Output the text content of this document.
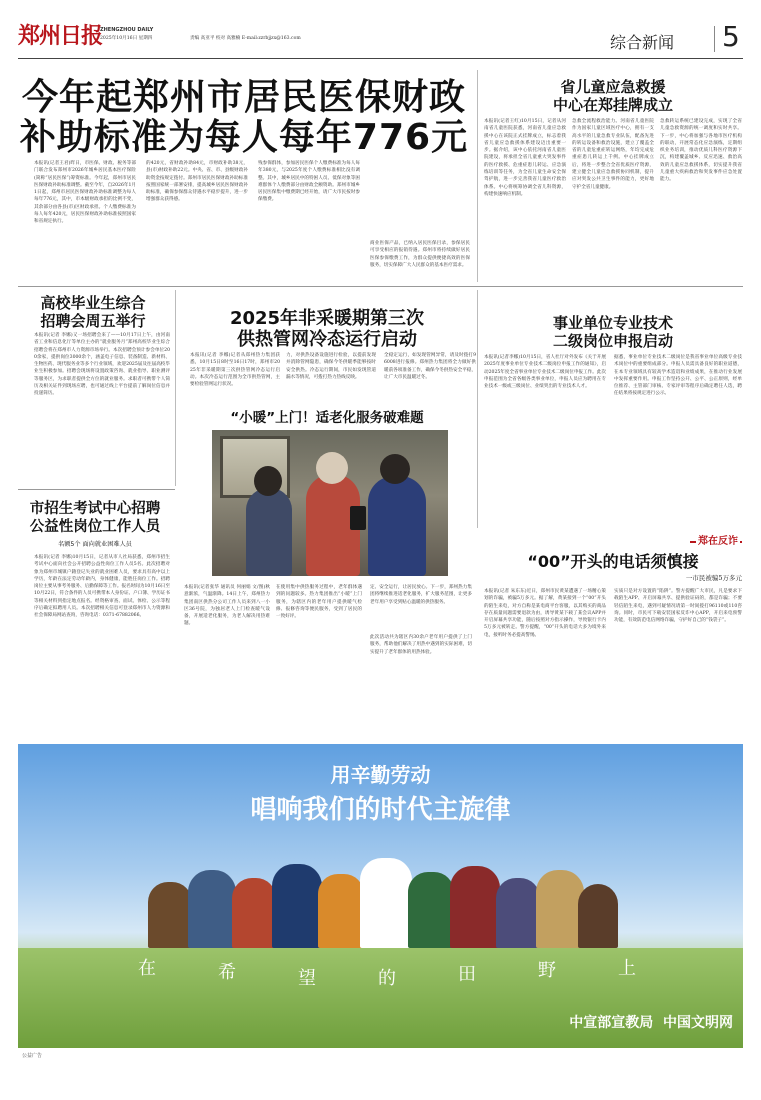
郑州日报
ZHENGZHOU DAILY
2025年10月16日 星期四	责编 高亚平 校对 高雅楠 E-mail:zzrbjjzx@163.com	综合新闻 5
今年起郑州市居民医保财政
补助标准为每人每年776元
本报讯(记者王君)昨日，市医保、财政、税务等部门联合发布郑州市2026年城乡居民基本医疗保险(简称“居民医保”)筹资标准。今年起，郑州市居民医保财政补助标准调整。截至今年，自2026年1月1日起，郑州市居民医保财政补助标准调整为每人每年776元，其中，市本级财政承担的比例不变，其余部分由各县(市)区财政承担。个人缴费标准为每人每年420元，居民医保财政补助标准按照国家和省规定执行。
的420元，省财政补助84元，市财政补助38元，县(市)财政补助22元。中央、省、市、县级财政补助资金按规定拨付。郑州市居民医保财政补助标准按照国家统一部署安排，提高城乡居民医保财政补助标准，确保参保群众待遇水平稳步提升，进一步增强群众获得感。
残参保群体，参加居民医保个人缴费标准为每人每年380元，与2025年度个人缴费标准相比没有调整。其中，城乡居民中的特困人员、低保对象等困难群体个人缴费部分由财政全额资助。郑州市城乡居民医保集中缴费期已经开始，请广大市民按时参保缴费。
商业医保产品，已纳入居民医保目录，参保居民可享受相应的报销待遇。郑州市将持续做好居民医保参保缴费工作，为群众提供便捷高效的医保服务，切实保障广大人民群众的基本医疗需求。
省儿童应急救援
中心在郑挂牌成立
本报讯(记者王红)10月15日，记者从河南省儿童医院获悉，河南省儿童应急救援中心在该院正式挂牌成立，标志着我省儿童应急救援体系建设迈出重要一步。据介绍，该中心依托河南省儿童医院建设，将承担全省儿童重大突发事件的医疗救援、危重症患儿转运、应急演练培训等任务，为全省儿童生命安全保驾护航，进一步完善我省儿童医疗救治体系。中心将统筹协调全省儿科资源，构建快速响应机制。
急救全流程救治能力。河南省儿童医院作为国家儿童区域医疗中心，拥有一支高水平的儿童急救专业队伍，配备先进的转运设备和救治设施，建立了覆盖全省的儿童危重症转运网络，年均完成危重症患儿转运上千例。中心挂牌成立后，将进一步整合全省优质医疗资源，建立健全儿童应急救援协同机制，提升应对突发公共卫生事件的能力，更好地守护全省儿童健康。
急救转运系统已建设完成，实现了全省儿童急救资源的统一调度和实时共享。下一步，中心将加强与各地市医疗机构的联动，开展常态化应急演练，定期组织业务培训，推动优质儿科医疗资源下沉，构建覆盖城乡、反应迅速、救治高效的儿童应急救援体系，切实提升我省儿童重大疾病救治和突发事件应急处置能力。
高校毕业生综合
招聘会周五举行
本报讯(记者 李娜)又一场招聘会来了——10月17日上午，由河南省工业和信息化厅等单位主办的“就业服务月”郑州高校毕业生综合招聘会将在郑州市人力资源市场举行。本次招聘会预计参会单位200余家，提供岗位3000余个，涵盖电子信息、装备制造、新材料、生物医药、现代服务业等多个行业领域，欢迎2025届及往届高校毕业生积极参加。招聘会现场将设置政策咨询、就业指导、职业测评等服务区，为求职者提供全方位的就业服务。求职者可携带个人简历及相关证件到现场应聘，也可通过线上平台提前了解岗位信息并投递简历。
2025年非采暖期第三次
供热管网冷态运行启动
本报讯(记者 李娜)记者从郑州热力集团获悉，10月15日8时至16日17时，郑州市2025年非采暖期第三次供热管网冷态运行启动。本次冷态运行范围为全市供热管网，主要检验管网运行状况。
力，对供热设备设施进行检验，以提前发现并消除管网隐患，确保今冬供暖季能够按时安全供热。冷态运行期间，市民如发现管道漏水等情况，可拨打热力热线反映。
全稳定运行，如发现管网异常，请及时拨打96008进行报修。郑州热力集团将全力做好供暖前各项准备工作，确保今冬供热安全平稳，让广大市民温暖过冬。
“小暖”上门！适老化服务破难题
事业单位专业技术
二级岗位申报启动
本报讯(记者李娜)10月15日，省人社厅对外发布《关于开展2025年度事业单位专业技术二级岗位申报工作的通知》，启动2025年度全省事业单位专业技术二级岗位申报工作。此次申报范围为全省各级各类事业单位，申报人员应为聘用在专业技术一级或三级岗位、业绩突出的专业技术人才。
据悉，事业单位专业技术二级岗位是我省事业单位高级专业技术岗位中的重要组成部分。申报人员需具备良好的职业道德，在本专业领域具有较高学术造诣和业绩成果，在推动行业发展中发挥重要作用。申报工作坚持公开、公平、公正原则，经单位推荐、主管部门审核、专家评审等程序后确定聘任人选，聘任结果将按规定进行公示。
市招生考试中心招聘
公益性岗位工作人员
名额5个 面向就业困难人员
本报讯(记者 李娜)10月15日，记者从市人社局获悉，郑州市招生考试中心面向社会公开招聘公益性岗位工作人员5名。此次招聘对象为郑州市城镇户籍登记失业的就业困难人员，要求具有高中以上学历，年龄在法定劳动年龄内，身体健康，能胜任岗位工作。招聘岗位主要从事考务服务、后勤保障等工作。报名时间为10月16日至10月22日，符合条件的人员可携带本人身份证、户口簿、学历证书等相关材料到指定地点报名。经资格审查、面试、体检、公示等程序后确定拟聘用人员。本次招聘相关信息可登录郑州市人力资源和社会保障局网站查询，咨询电话：0371-67882066。
本报讯(记者张华 通讯员 何丽娟 文/图)秋意渐浓，气温渐降。14日上午，郑州热力集团南区供热分公司工作人员来到八一小区36号院，为独居老人上门检查暖气设备，开展适老化服务，为老人解决用热难题。
在使用集中供热服务过程中，老年群体遇到的问题较多。热力集团推出“小暖”上门服务，为辖区内的老年用户提供暖气检修、报修咨询等便民服务，受到了居民的一致好评。
定、安全运行，让居民放心。下一步，郑州热力集团将继续推进适老化服务，扩大服务范围，让更多老年用户享受到贴心温暖的供热服务。
此次活动共为辖区内30余户老年用户提供了上门服务，帮助他们解决了用热中遇到的实际困难，切实提升了老年群体的用热体验。
郑在反诈
“00”开头的电话须慎接
一市民被骗5万多元
本报讯(记者 朱东东)近日，郑州市民黄某遭遇了一场精心策划的诈骗，被骗5万多元。据了解，黄某接到一个“00”开头的陌生来电，对方自称是某电商平台客服，以其购买的商品存在质量问题需要退款为由，诱导黄某下载了某会议APP并开启屏幕共享功能，随后按照对方指示操作，导致银行卡内5万多元被转走。警方提醒，“00”开头的电话大多为境外来电，接听时务必提高警惕。
实质只是对方设置的“陷阱”。警方提醒广大市民，凡是要求下载陌生APP、开启屏幕共享、提供验证码的，都是诈骗；不要轻信陌生来电，遇到可疑情况请第一时间拨打96110或110咨询。同时，市民可下载安装国家反诈中心APP，开启来电预警功能，有效防范电信网络诈骗，守护好自己的“钱袋子”。
用辛勤劳动
唱响我们的时代主旋律
在	希	望	的	田	野	上
中宣部宣教局  中国文明网
公益广告
